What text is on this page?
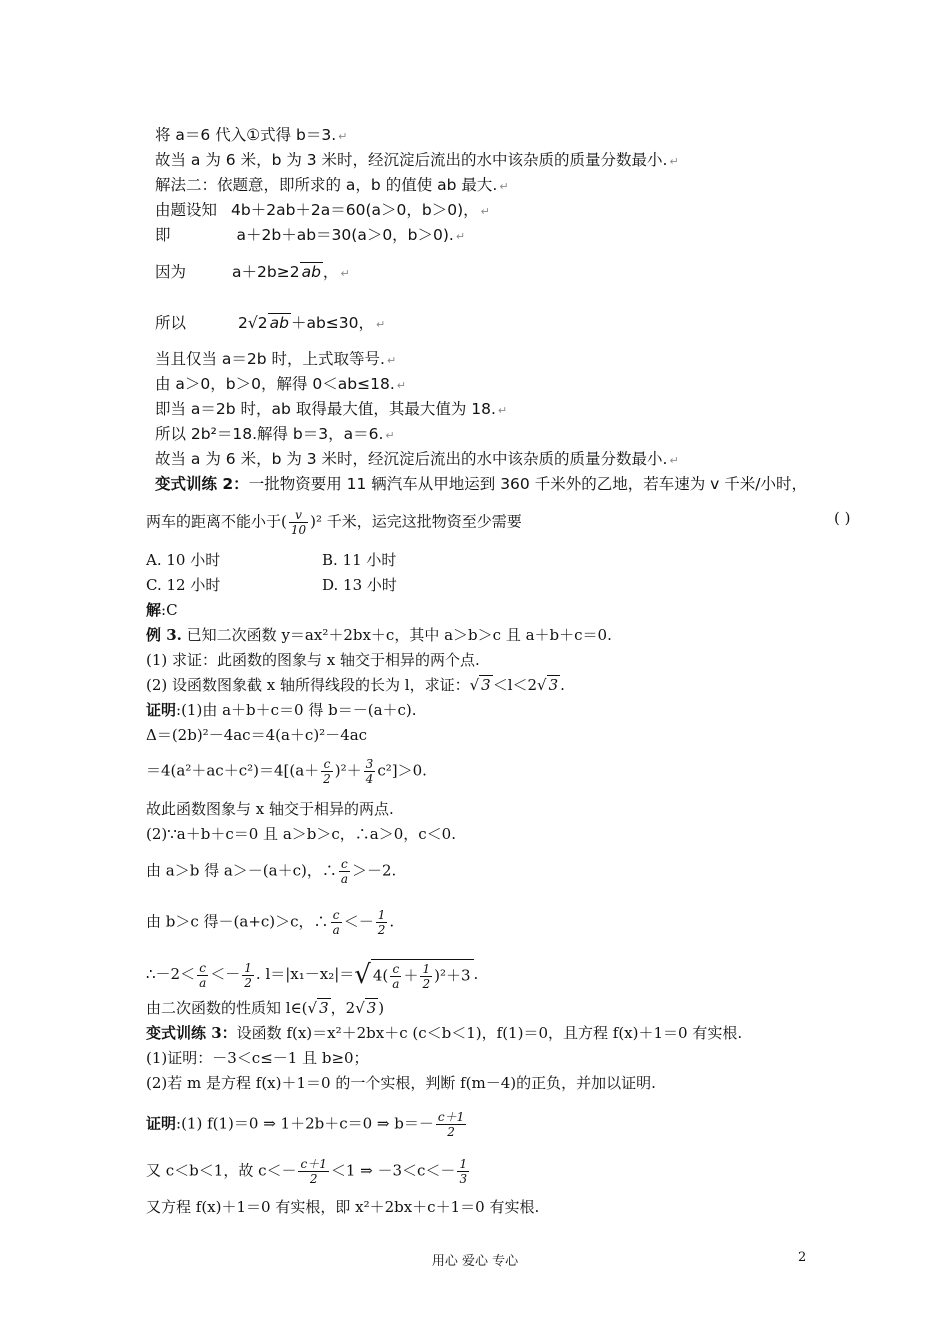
将 a＝6 代入①式得 b＝3. ↵
故当 a 为 6 米，b 为 3 米时，经沉淀后流出的水中该杂质的质量分数最小. ↵
解法二：依题意，即所求的 a，b 的值使 ab 最大. ↵
由题设知 4b＋2ab＋2a＝60(a＞0，b＞0)， ↵
即	a＋2b＋ab＝30(a＞0，b＞0). ↵
因为	a＋2b≥2 ab ， ↵
所以	2√2 ab ＋ab≤30， ↵
​
当且仅当 a＝2b 时，上式取等号. ↵
由 a＞0，b＞0，解得 0＜ab≤18. ↵
即当 a＝2b 时，ab 取得最大值，其最大值为 18. ↵
所以 2b²＝18.解得 b＝3，a＝6. ↵
故当 a 为 6 米，b 为 3 米时，经沉淀后流出的水中该杂质的质量分数最小. ↵
变式训练 2：一批物资要用 11 辆汽车从甲地运到 360 千米外的乙地，若车速为 v 千米/小时，
两车的距离不能小于( $\frac{v}{10} )^2$ 千米，运完这批物资至少需要	( )
A. 10 小时	B. 11 小时
C. 12 小时	D. 13 小时
解:C
例 3. 已知二次函数 y＝ax²＋2bx＋c，其中 a＞b＞c 且 a＋b＋c＝0.
(1) 求证：此函数的图象与 x 轴交于相异的两个点.
(2) 设函数图象截 x 轴所得线段的长为 l，求证：√ 3 ＜l＜2√ 3 .
证明:(1)由 a＋b＋c＝0 得 b＝－(a＋c).
Δ＝(2b)²－4ac＝4(a＋c)²－4ac
$=4(a^2+ac+c^2)=4[(a+ \frac{c}{2} )^2+ \frac{3}{4} c^2]>0$.
故此函数图象与 x 轴交于相异的两点.
(2)∵a＋b＋c＝0 且 a＞b＞c，∴a＞0，c＜0.
由 a＞b 得 a＞－(a＋c)，∴ $\frac{c}{a} >-2$.
由 b＞c 得－(a+c)＞c，∴ $\frac{c}{a} <- \frac{1}{2}$ .
∴－2＜ $\frac{c}{a} <- \frac{1}{2}$ . l＝|x₁－x₂|＝√ $4( \frac{c}{a} + \frac{1}{2} )^2+3$ .
由二次函数的性质知 l∈(√ 3 ，2√ 3 )
变式训练 3：设函数 f(x)＝x²＋2bx＋c (c＜b＜1)，f(1)＝0，且方程 f(x)＋1＝0 有实根.
(1)证明：－3＜c≤－1 且 b≥0；
(2)若 m 是方程 f(x)＋1＝0 的一个实根，判断 f(m－4)的正负，并加以证明.
证明:(1) f(1)＝0 ⇒ 1＋2b＋c＝0 ⇒ $b=- \frac{c+1}{2}$
又 c＜b＜1，故 $c<- \frac{c+1}{2} <1$ ⇒ $-3<c<- \frac{1}{3}$
又方程 f(x)＋1＝0 有实根，即 x²＋2bx＋c＋1＝0 有实根.
用心 爱心 专心	2
